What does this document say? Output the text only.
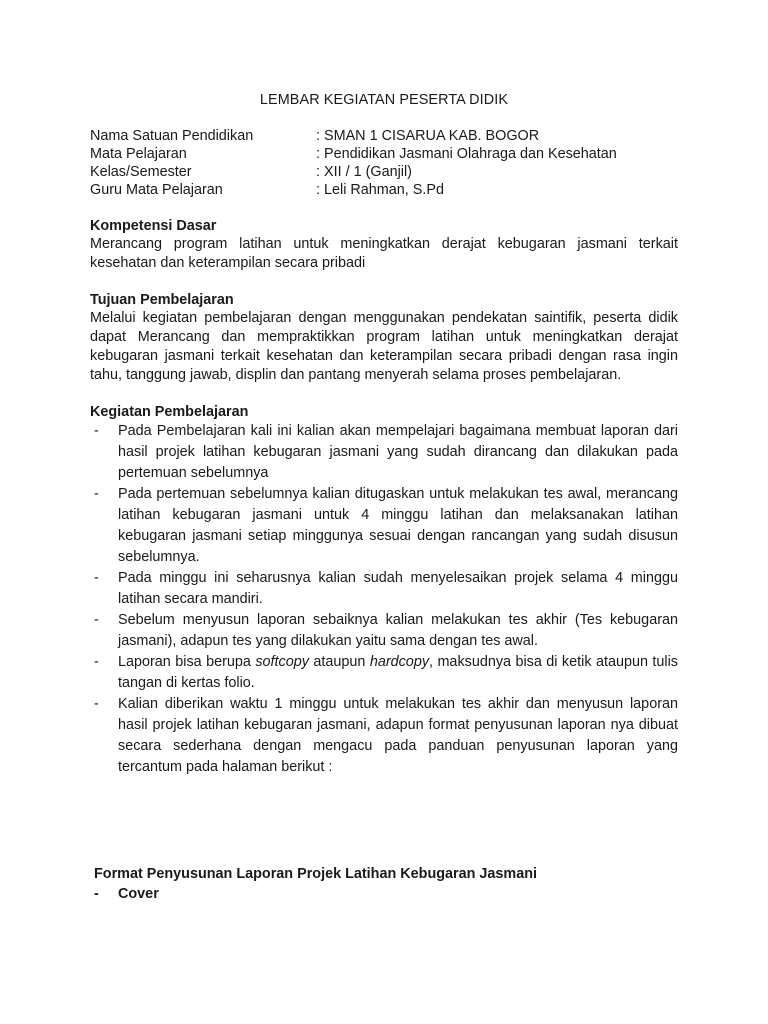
LEMBAR KEGIATAN PESERTA DIDIK
Nama Satuan Pendidikan	: SMAN 1 CISARUA KAB. BOGOR
Mata Pelajaran	: Pendidikan Jasmani Olahraga dan Kesehatan
Kelas/Semester	: XII / 1 (Ganjil)
Guru Mata Pelajaran	: Leli Rahman, S.Pd
Kompetensi Dasar
Merancang program latihan untuk meningkatkan derajat kebugaran jasmani terkait kesehatan dan keterampilan secara pribadi
Tujuan Pembelajaran
Melalui kegiatan pembelajaran dengan menggunakan pendekatan saintifik, peserta didik dapat Merancang dan mempraktikkan program latihan untuk meningkatkan derajat kebugaran jasmani terkait kesehatan dan keterampilan secara pribadi dengan rasa ingin tahu, tanggung jawab, displin dan pantang menyerah selama proses pembelajaran.
Kegiatan Pembelajaran
- Pada Pembelajaran kali ini kalian akan mempelajari bagaimana membuat laporan dari hasil projek latihan kebugaran jasmani yang sudah dirancang dan dilakukan pada pertemuan sebelumnya
- Pada pertemuan sebelumnya kalian ditugaskan untuk melakukan tes awal, merancang latihan kebugaran jasmani untuk 4 minggu latihan dan melaksanakan latihan kebugaran jasmani setiap minggunya sesuai dengan rancangan yang sudah disusun sebelumnya.
- Pada minggu ini seharusnya kalian sudah menyelesaikan projek selama 4 minggu latihan secara mandiri.
- Sebelum menyusun laporan sebaiknya kalian melakukan tes akhir (Tes kebugaran jasmani), adapun tes yang dilakukan yaitu sama dengan tes awal.
- Laporan bisa berupa softcopy ataupun hardcopy, maksudnya bisa di ketik ataupun tulis tangan di kertas folio.
- Kalian diberikan waktu 1 minggu untuk melakukan tes akhir dan menyusun laporan hasil projek latihan kebugaran jasmani, adapun format penyusunan laporan nya dibuat secara sederhana dengan mengacu pada panduan penyusunan laporan yang tercantum pada halaman berikut :
Format Penyusunan Laporan Projek Latihan Kebugaran Jasmani
- Cover
